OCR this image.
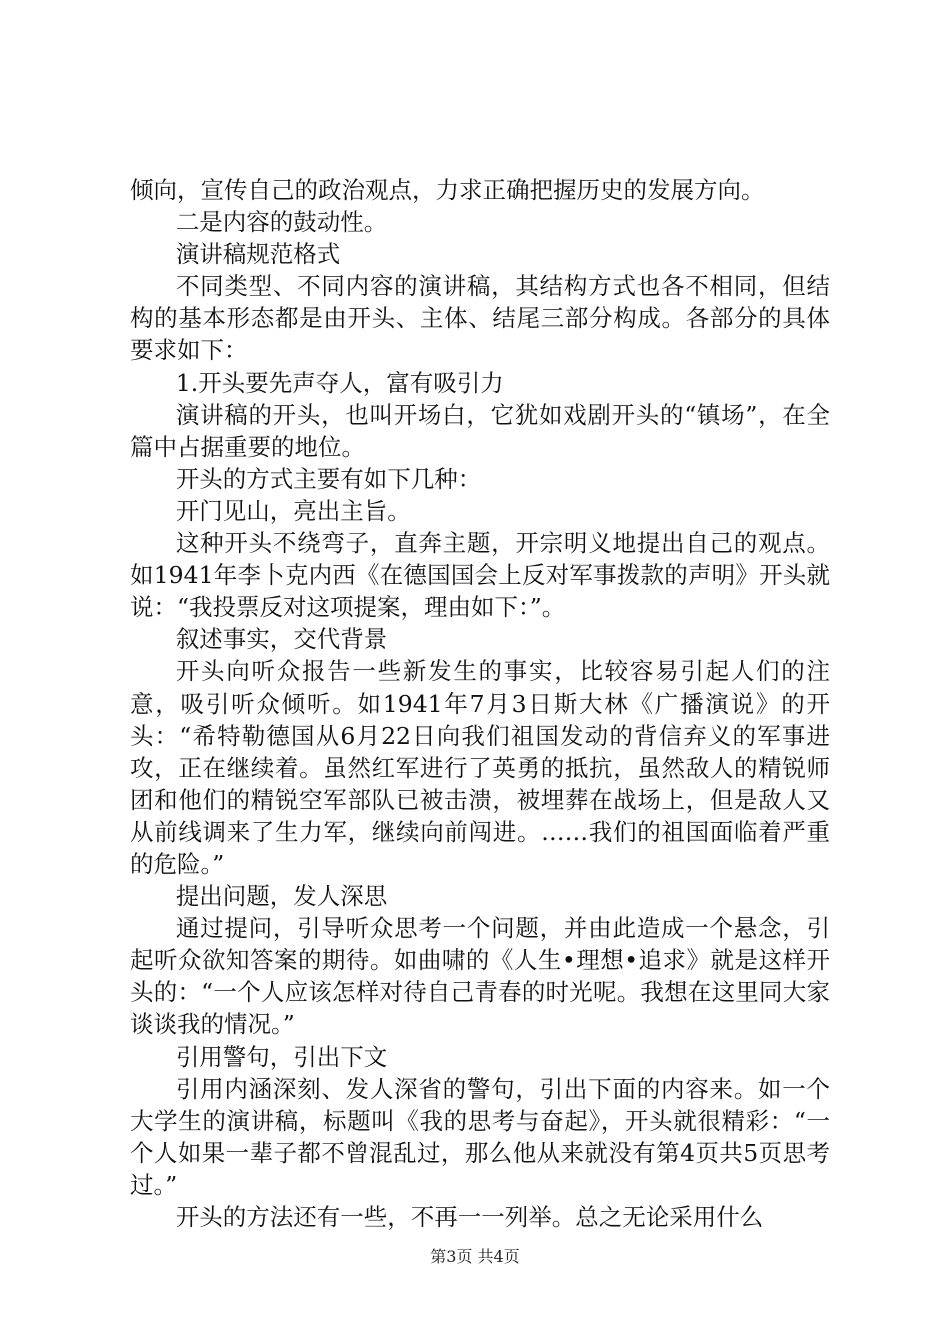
倾向，宣传自己的政治观点，力求正确把握历史的发展方向。

二是内容的鼓动性。

演讲稿规范格式

不同类型、不同内容的演讲稿，其结构方式也各不相同，但结构的基本形态都是由开头、主体、结尾三部分构成。各部分的具体要求如下：

1.开头要先声夺人，富有吸引力

演讲稿的开头，也叫开场白，它犹如戏剧开头的“镇场”，在全篇中占据重要的地位。

开头的方式主要有如下几种：

开门见山，亮出主旨。

这种开头不绕弯子，直奔主题，开宗明义地提出自己的观点。如1941年李卜克内西《在德国国会上反对军事拨款的声明》开头就说：“我投票反对这项提案，理由如下：”。

叙述事实，交代背景

开头向听众报告一些新发生的事实，比较容易引起人们的注意，吸引听众倾听。如1941年7月3日斯大林《广播演说》的开头：“希特勒德国从6月22日向我们祖国发动的背信弃义的军事进攻，正在继续着。虽然红军进行了英勇的抵抗，虽然敌人的精锐师团和他们的精锐空军部队已被击溃，被埋葬在战场上，但是敌人又从前线调来了生力军，继续向前闯进。……我们的祖国面临着严重的危险。”

提出问题，发人深思

通过提问，引导听众思考一个问题，并由此造成一个悬念，引起听众欲知答案的期待。如曲啸的《人生•理想•追求》就是这样开头的：“一个人应该怎样对待自己青春的时光呢。我想在这里同大家谈谈我的情况。”

引用警句，引出下文

引用内涵深刻、发人深省的警句，引出下面的内容来。如一个大学生的演讲稿，标题叫《我的思考与奋起》，开头就很精彩：“一个人如果一辈子都不曾混乱过，那么他从来就没有第4页共5页思考过。”

开头的方法还有一些，不再一一列举。总之无论采用什么

第3页 共4页
